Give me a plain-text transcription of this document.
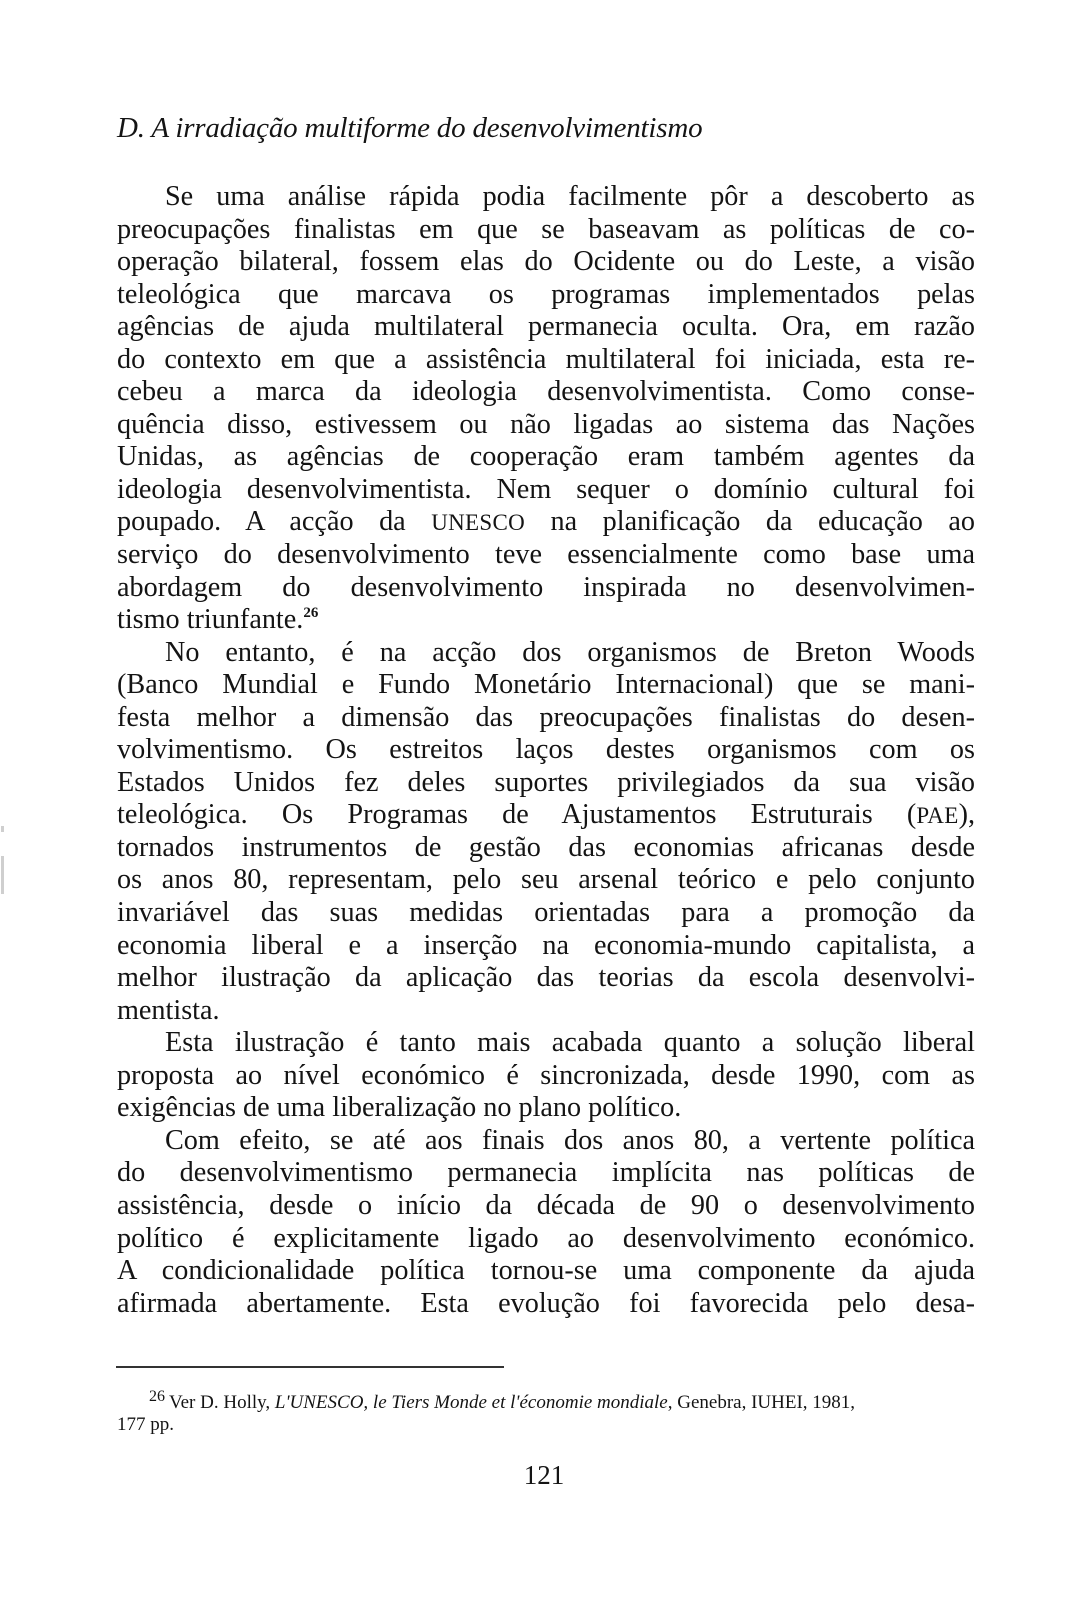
D. A irradiação multiforme do desenvolvimentismo
Se uma análise rápida podia facilmente pôr a descoberto as
preocupações finalistas em que se baseavam as políticas de co-
operação bilateral, fossem elas do Ocidente ou do Leste, a visão
teleológica que marcava os programas implementados pelas
agências de ajuda multilateral permanecia oculta. Ora, em razão
do contexto em que a assistência multilateral foi iniciada, esta re-
cebeu a marca da ideologia desenvolvimentista. Como conse-
quência disso, estivessem ou não ligadas ao sistema das Nações
Unidas, as agências de cooperação eram também agentes da
ideologia desenvolvimentista. Nem sequer o domínio cultural foi
poupado. A acção da UNESCO na planificação da educação ao
serviço do desenvolvimento teve essencialmente como base uma
abordagem do desenvolvimento inspirada no desenvolvimen-
tismo triunfante.$^{26}$
No entanto, é na acção dos organismos de Breton Woods
(Banco Mundial e Fundo Monetário Internacional) que se mani-
festa melhor a dimensão das preocupações finalistas do desen-
volvimentismo. Os estreitos laços destes organismos com os
Estados Unidos fez deles suportes privilegiados da sua visão
teleológica. Os Programas de Ajustamentos Estruturais (PAE),
tornados instrumentos de gestão das economias africanas desde
os anos 80, representam, pelo seu arsenal teórico e pelo conjunto
invariável das suas medidas orientadas para a promoção da
economia liberal e a inserção na economia-mundo capitalista, a
melhor ilustração da aplicação das teorias da escola desenvolvi-
mentista.
Esta ilustração é tanto mais acabada quanto a solução liberal
proposta ao nível económico é sincronizada, desde 1990, com as
exigências de uma liberalização no plano político.
Com efeito, se até aos finais dos anos 80, a vertente política
do desenvolvimentismo permanecia implícita nas políticas de
assistência, desde o início da década de 90 o desenvolvimento
político é explicitamente ligado ao desenvolvimento económico.
A condicionalidade política tornou-se uma componente da ajuda
afirmada abertamente. Esta evolução foi favorecida pelo desa-
$^{26}$ Ver D. Holly, L'UNESCO, le Tiers Monde et l'économie mondiale, Genebra, IUHEI, 1981,
177 pp.
121
